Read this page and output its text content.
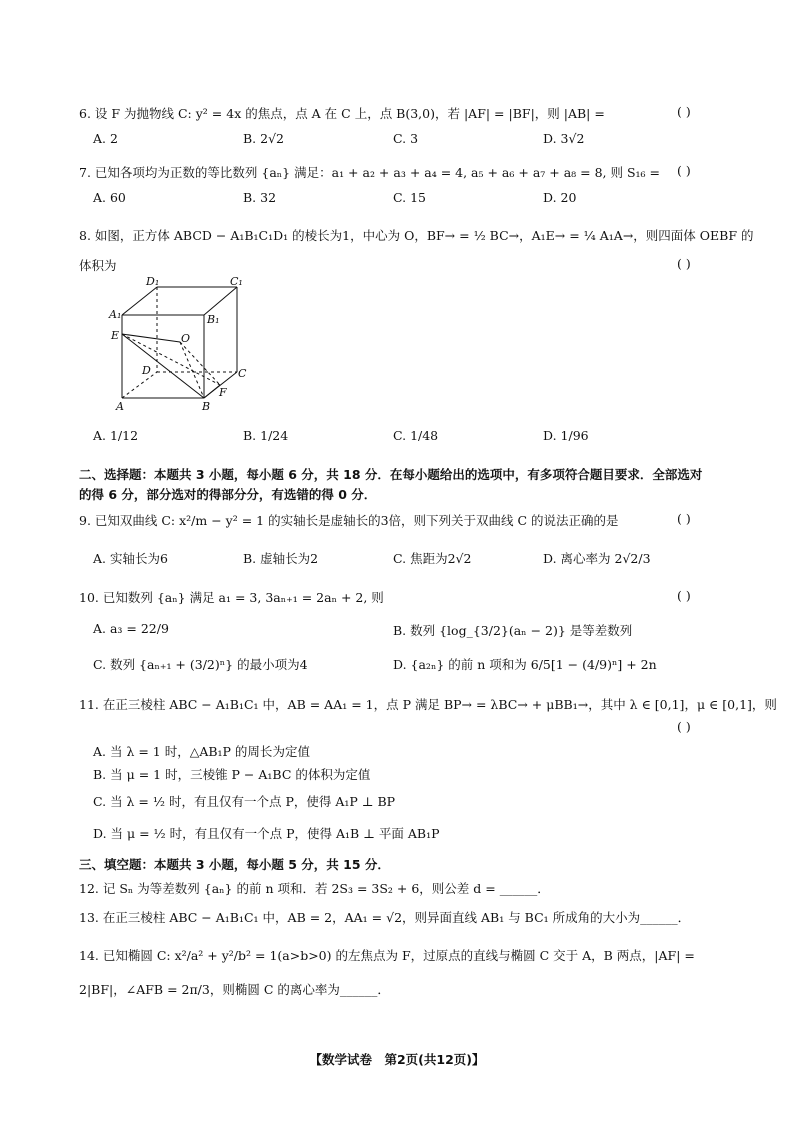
6. 设 F 为抛物线 C: y² = 4x 的焦点，点 A 在 C 上，点 B(3,0)，若 |AF| = |BF|，则 |AB| =	( )
A. 2	B. 2√2	C. 3	D. 3√2
7. 已知各项均为正数的等比数列 {aₙ} 满足：a₁ + a₂ + a₃ + a₄ = 4, a₅ + a₆ + a₇ + a₈ = 8, 则 S₁₆ = ( )
A. 60	B. 32	C. 15	D. 20
8. 如图，正方体 ABCD − A₁B₁C₁D₁ 的棱长为1，中心为 O，BF→ = ½ BC→，A₁E→ = ¼ A₁A→，则四面体 OEBF 的
体积为	( )
D₁	C₁
A₁	B₁
E	O
D	C
A	B
F
A. 1/12	B. 1/24	C. 1/48	D. 1/96
二、选择题：本题共 3 小题，每小题 6 分，共 18 分．在每小题给出的选项中，有多项符合题目要求．全部选对
的得 6 分，部分选对的得部分分，有选错的得 0 分．
9. 已知双曲线 C: x²/m − y² = 1 的实轴长是虚轴长的3倍，则下列关于双曲线 C 的说法正确的是	( )
A. 实轴长为6	B. 虚轴长为2	C. 焦距为2√2	D. 离心率为 2√2/3
10. 已知数列 {aₙ} 满足 a₁ = 3, 3aₙ₊₁ = 2aₙ + 2, 则	( )
A. a₃ = 22/9	B. 数列 {log_{3/2}(aₙ − 2)} 是等差数列
C. 数列 {aₙ₊₁ + (3/2)ⁿ} 的最小项为4	D. {a₂ₙ} 的前 n 项和为 6/5[1 − (4/9)ⁿ] + 2n
11. 在正三棱柱 ABC − A₁B₁C₁ 中，AB = AA₁ = 1，点 P 满足 BP→ = λBC→ + μBB₁→，其中 λ ∈ [0,1]，μ ∈ [0,1]，则
( )
A. 当 λ = 1 时，△AB₁P 的周长为定值
B. 当 μ = 1 时，三棱锥 P − A₁BC 的体积为定值
C. 当 λ = ½ 时，有且仅有一个点 P，使得 A₁P ⊥ BP
D. 当 μ = ½ 时，有且仅有一个点 P，使得 A₁B ⊥ 平面 AB₁P
三、填空题：本题共 3 小题，每小题 5 分，共 15 分．
12. 记 Sₙ 为等差数列 {aₙ} 的前 n 项和．若 2S₃ = 3S₂ + 6，则公差 d = ______．
13. 在正三棱柱 ABC − A₁B₁C₁ 中，AB = 2，AA₁ = √2，则异面直线 AB₁ 与 BC₁ 所成角的大小为______．
14. 已知椭圆 C: x²/a² + y²/b² = 1(a>b>0) 的左焦点为 F，过原点的直线与椭圆 C 交于 A，B 两点，|AF| =
2|BF|，∠AFB = 2π/3，则椭圆 C 的离心率为______．
【数学试卷　第2页(共12页)】
